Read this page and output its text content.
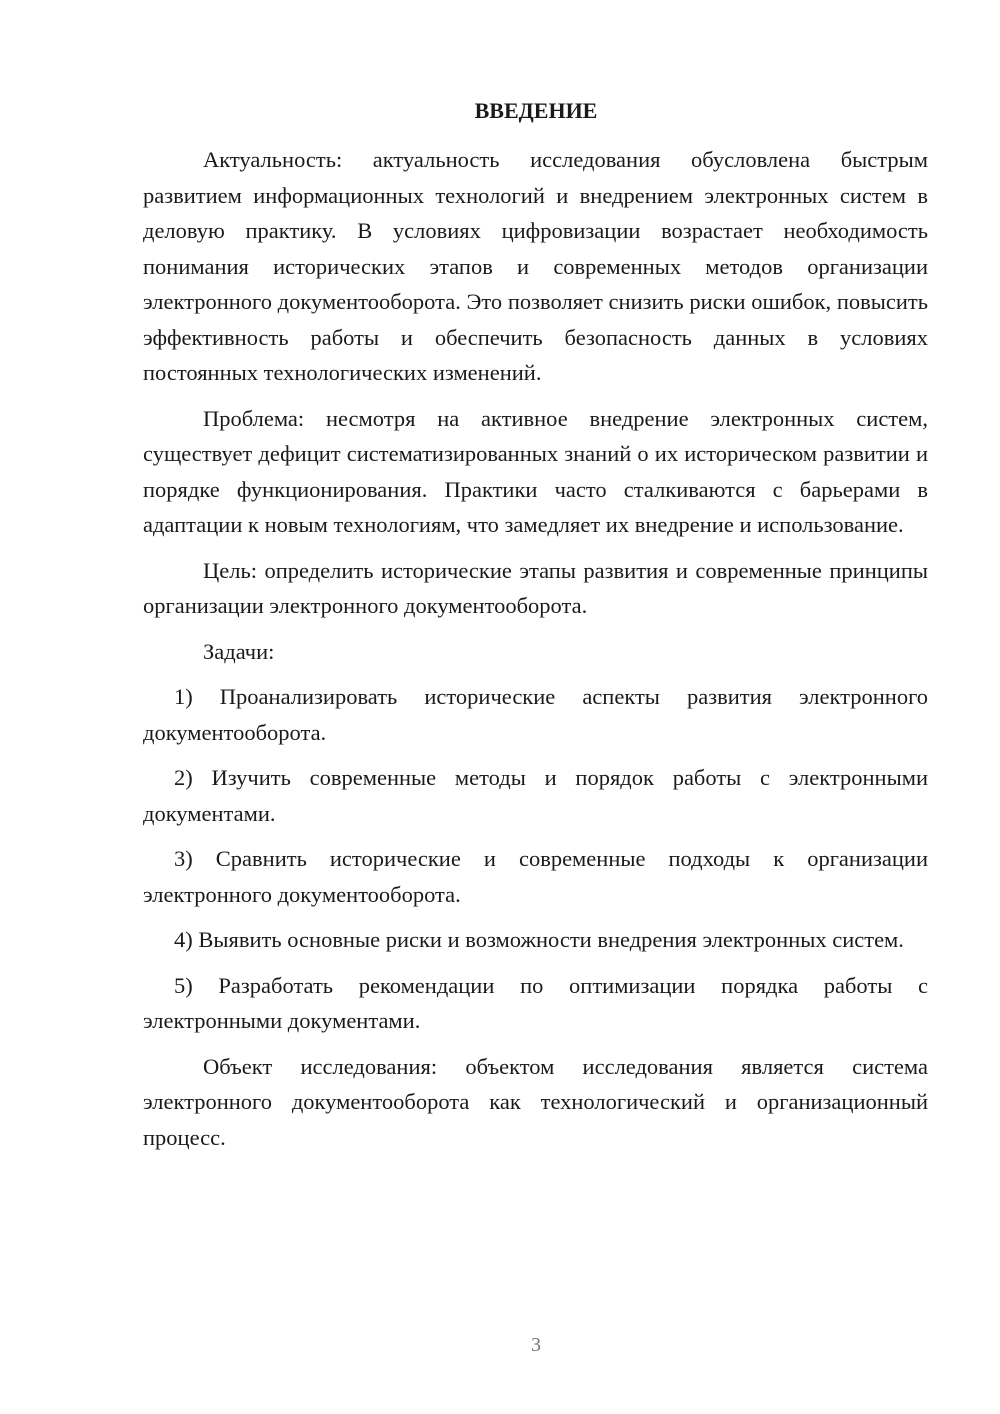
ВВЕДЕНИЕ

Актуальность: актуальность исследования обусловлена быстрым развитием информационных технологий и внедрением электронных систем в деловую практику. В условиях цифровизации возрастает необходимость понимания исторических этапов и современных методов организации электронного документооборота. Это позволяет снизить риски ошибок, повысить эффективность работы и обеспечить безопасность данных в условиях постоянных технологических изменений.

Проблема: несмотря на активное внедрение электронных систем, существует дефицит систематизированных знаний о их историческом развитии и порядке функционирования. Практики часто сталкиваются с барьерами в адаптации к новым технологиям, что замедляет их внедрение и использование.

Цель: определить исторические этапы развития и современные принципы организации электронного документооборота.

Задачи:

1) Проанализировать исторические аспекты развития электронного документооборота.

2) Изучить современные методы и порядок работы с электронными документами.

3) Сравнить исторические и современные подходы к организации электронного документооборота.

4) Выявить основные риски и возможности внедрения электронных систем.

5) Разработать рекомендации по оптимизации порядка работы с электронными документами.

Объект исследования: объектом исследования является система электронного документооборота как технологический и организационный процесс.

3
